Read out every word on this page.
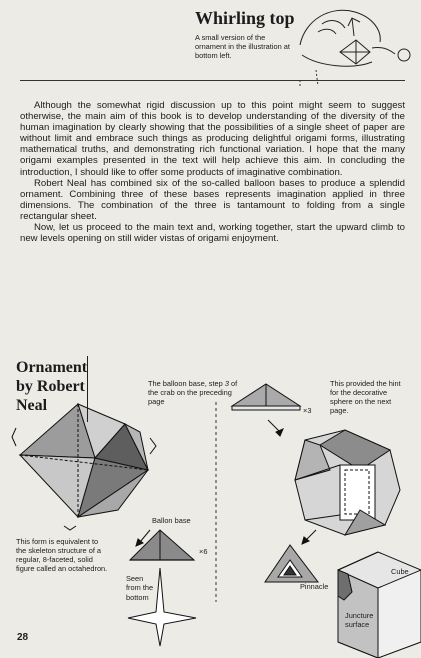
Whirling top
A small version of the ornament in the illustration at bottom left.

Although the somewhat rigid discussion up to this point might seem to suggest otherwise, the main aim of this book is to develop understanding of the diversity of the human imagination by clearly showing that the possibilities of a single sheet of paper are without limit and embrace such things as producing delightful origami forms, illustrating mathematical truths, and demonstrating rich functional variation. I hope that the many origami examples presented in the text will help achieve this aim. In concluding the introduction, I should like to offer some products of imaginative combination.

Robert Neal has combined six of the so-called balloon bases to produce a splendid ornament. Combining three of these bases represents imagination applied in three dimensions. The combination of the three is tantamount to folding from a single rectangular sheet.

Now, let us proceed to the main text and, working together, start the upward climb to new levels opening on still wider vistas of origami enjoyment.

Ornament
by Robert
Neal
The balloon base, step 3 of the crab on the preceding page
This provided the hint for the decorative sphere on the next page.
This form is equivalent to the skeleton structure of a regular, 8-faceted, solid figure called an octahedron.
Ballon base
Seen from the bottom
Pinnacle
Cube
Juncture surface
×3
×6
28
